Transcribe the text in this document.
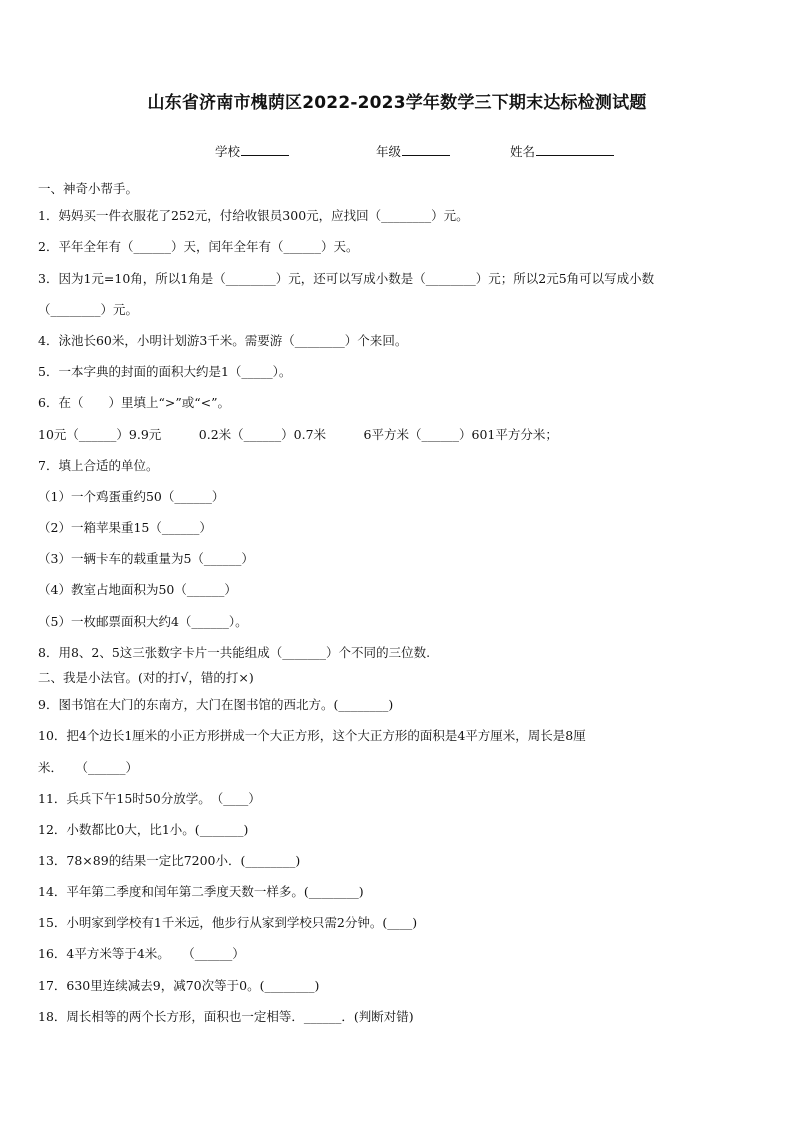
山东省济南市槐荫区2022-2023学年数学三下期末达标检测试题
学校	年级	姓名
一、神奇小帮手。
1．妈妈买一件衣服花了252元，付给收银员300元，应找回（________）元。
2．平年全年有（______）天，闰年全年有（______）天。
3．因为1元=10角，所以1角是（________）元，还可以写成小数是（________）元；所以2元5角可以写成小数
（________）元。
4．泳池长60米，小明计划游3千米。需要游（________）个来回。
5．一本字典的封面的面积大约是1（_____）。
6．在（　　）里填上“>”或“<”。
10元（______）9.9元　　　0.2米（______）0.7米　　　6平方米（______）601平方分米；
7．填上合适的单位。
（1）一个鸡蛋重约50（______）
（2）一箱苹果重15（______）
（3）一辆卡车的载重量为5（______）
（4）教室占地面积为50（______）
（5）一枚邮票面积大约4（______）。
8．用8、2、5这三张数字卡片一共能组成（_______）个不同的三位数.
二、我是小法官。(对的打√，错的打×)
9．图书馆在大门的东南方，大门在图书馆的西北方。(________)
10．把4个边长1厘米的小正方形拼成一个大正方形，这个大正方形的面积是4平方厘米，周长是8厘
米．　　（______）
11．兵兵下午15时50分放学。　（____）
12．小数都比0大，比1小。(_______)
13．78×89的结果一定比7200小．(________)
14．平年第二季度和闰年第二季度天数一样多。(________)
15．小明家到学校有1千米远，他步行从家到学校只需2分钟。(____)
16．4平方米等于4米。　　（______）
17．630里连续减去9，减70次等于0。(________)
18．周长相等的两个长方形，面积也一定相等．______．(判断对错)
